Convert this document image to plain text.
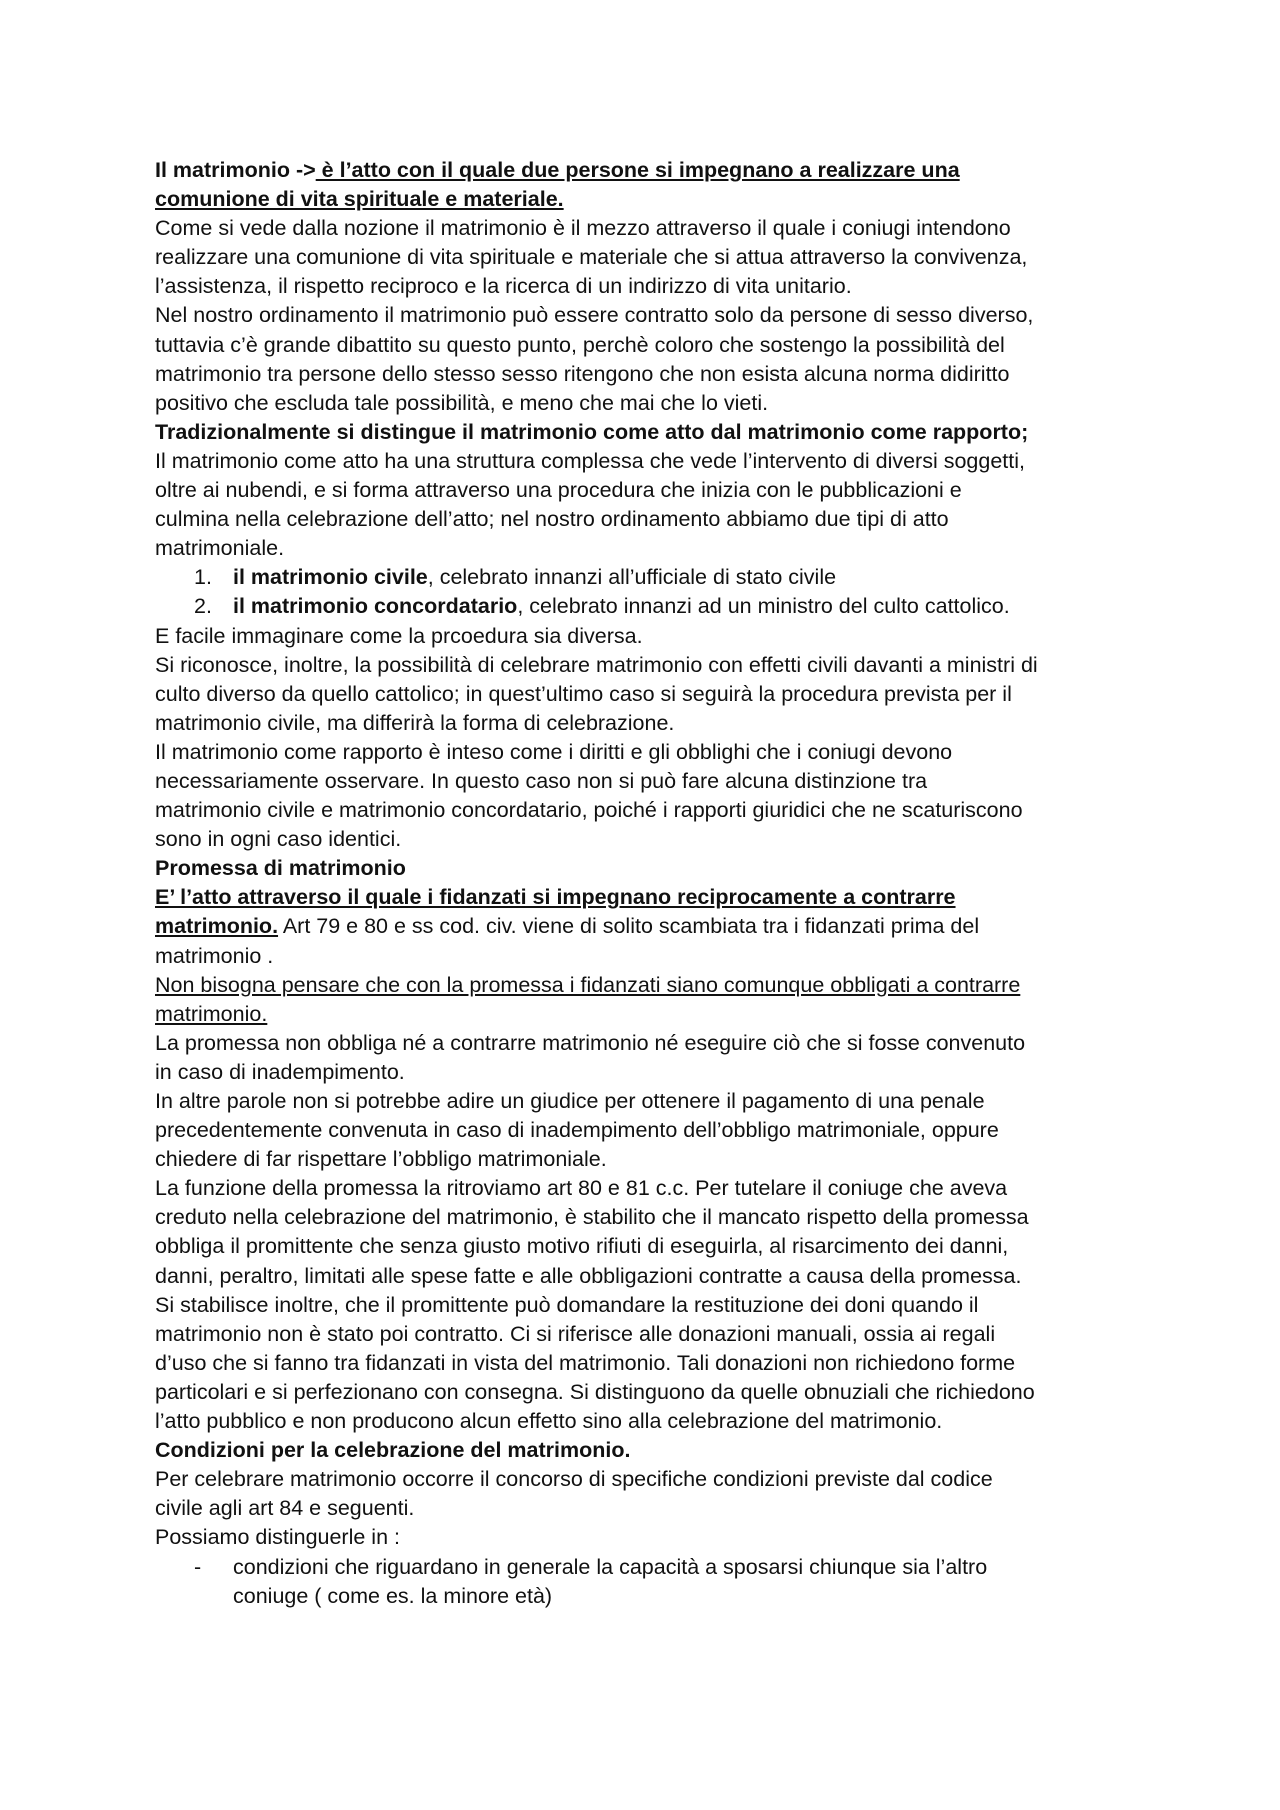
Il matrimonio -> è l’atto con il quale due persone si impegnano a realizzare una

comunione di vita spirituale e materiale.

Come si vede dalla nozione il matrimonio è il mezzo attraverso il quale i coniugi intendono

realizzare una comunione di vita spirituale e materiale che si attua attraverso la convivenza,

l’assistenza, il rispetto reciproco e la ricerca di un indirizzo di vita unitario.

Nel nostro ordinamento il matrimonio può essere contratto solo da persone di sesso diverso,

tuttavia c’è grande dibattito su questo punto, perchè coloro che sostengo la possibilità del

matrimonio tra persone dello stesso sesso ritengono che non esista alcuna norma didiritto

positivo che escluda tale possibilità, e meno che mai che lo vieti.

Tradizionalmente si distingue il matrimonio come atto dal matrimonio come rapporto;

Il matrimonio come atto ha una struttura complessa che vede l’intervento di diversi soggetti,

oltre ai nubendi, e si forma attraverso una procedura che inizia con le pubblicazioni e

culmina nella celebrazione dell’atto; nel nostro ordinamento abbiamo due tipi di atto

matrimoniale.

1. il matrimonio civile, celebrato innanzi all’ufficiale di stato civile

2. il matrimonio concordatario, celebrato innanzi ad un ministro del culto cattolico.

E facile immaginare come la prcoedura sia diversa.

Si riconosce, inoltre, la possibilità di celebrare matrimonio con effetti civili davanti a ministri di

culto diverso da quello cattolico; in quest’ultimo caso si seguirà la procedura prevista per il

matrimonio civile, ma differirà la forma di celebrazione.

Il matrimonio come rapporto è inteso come i diritti e gli obblighi che i coniugi devono

necessariamente osservare. In questo caso non si può fare alcuna distinzione tra

matrimonio civile e matrimonio concordatario, poiché i rapporti giuridici che ne scaturiscono

sono in ogni caso identici.

Promessa di matrimonio

E’ l’atto attraverso il quale i fidanzati si impegnano reciprocamente a contrarre

matrimonio. Art 79 e 80 e ss cod. civ. viene di solito scambiata tra i fidanzati prima del

matrimonio .

Non bisogna pensare che con la promessa i fidanzati siano comunque obbligati a contrarre

matrimonio.

La promessa non obbliga né a contrarre matrimonio né eseguire ciò che si fosse convenuto

in caso di inadempimento.

In altre parole non si potrebbe adire un giudice per ottenere il pagamento di una penale

precedentemente convenuta in caso di inadempimento dell’obbligo matrimoniale, oppure

chiedere di far rispettare l’obbligo matrimoniale.

La funzione della promessa la ritroviamo art 80 e 81 c.c. Per tutelare il coniuge che aveva

creduto nella celebrazione del matrimonio, è stabilito che il mancato rispetto della promessa

obbliga il promittente che senza giusto motivo rifiuti di eseguirla, al risarcimento dei danni,

danni, peraltro, limitati alle spese fatte e alle obbligazioni contratte a causa della promessa.

Si stabilisce inoltre, che il promittente può domandare la restituzione dei doni quando il

matrimonio non è stato poi contratto. Ci si riferisce alle donazioni manuali, ossia ai regali

d’uso che si fanno tra fidanzati in vista del matrimonio. Tali donazioni non richiedono forme

particolari e si perfezionano con consegna. Si distinguono da quelle obnuziali che richiedono

l’atto pubblico e non producono alcun effetto sino alla celebrazione del matrimonio.

Condizioni per la celebrazione del matrimonio.

Per celebrare matrimonio occorre il concorso di specifiche condizioni previste dal codice

civile agli art 84 e seguenti.

Possiamo distinguerle in :

- condizioni che riguardano in generale la capacità a sposarsi chiunque sia l’altro

coniuge ( come es. la minore età)
